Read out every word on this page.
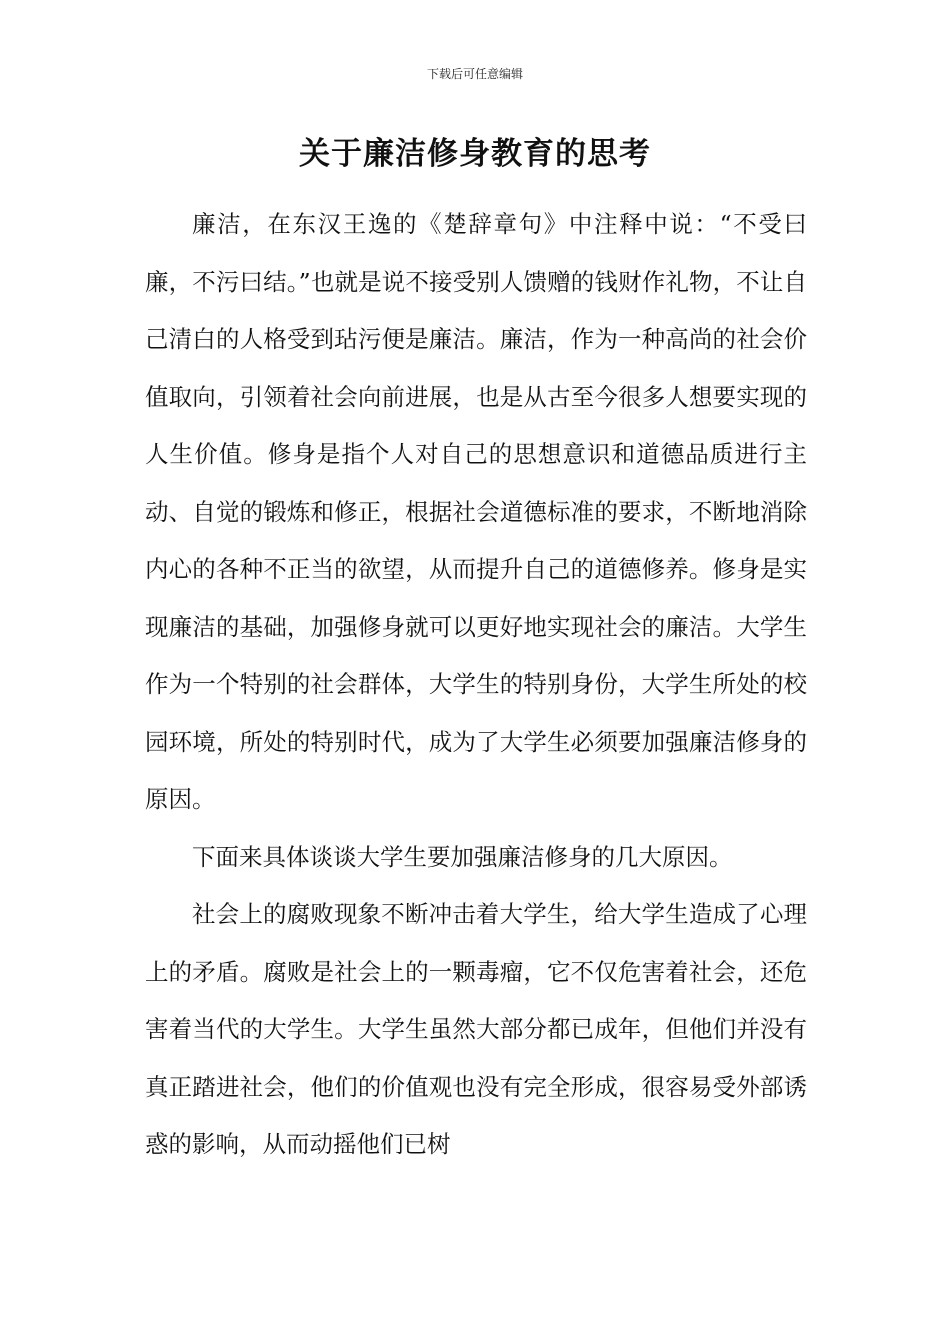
下载后可任意编辑
关于廉洁修身教育的思考

廉洁，在东汉王逸的《楚辞章句》中注释中说：“不受曰廉，不污曰结。”也就是说不接受别人馈赠的钱财作礼物，不让自己清白的人格受到玷污便是廉洁。廉洁，作为一种高尚的社会价值取向，引领着社会向前进展，也是从古至今很多人想要实现的人生价值。修身是指个人对自己的思想意识和道德品质进行主动、自觉的锻炼和修正，根据社会道德标准的要求，不断地消除内心的各种不正当的欲望，从而提升自己的道德修养。修身是实现廉洁的基础，加强修身就可以更好地实现社会的廉洁。大学生作为一个特别的社会群体，大学生的特别身份，大学生所处的校园环境，所处的特别时代，成为了大学生必须要加强廉洁修身的原因。

下面来具体谈谈大学生要加强廉洁修身的几大原因。

社会上的腐败现象不断冲击着大学生，给大学生造成了心理上的矛盾。腐败是社会上的一颗毒瘤，它不仅危害着社会，还危害着当代的大学生。大学生虽然大部分都已成年，但他们并没有真正踏进社会，他们的价值观也没有完全形成，很容易受外部诱惑的影响，从而动摇他们已树
